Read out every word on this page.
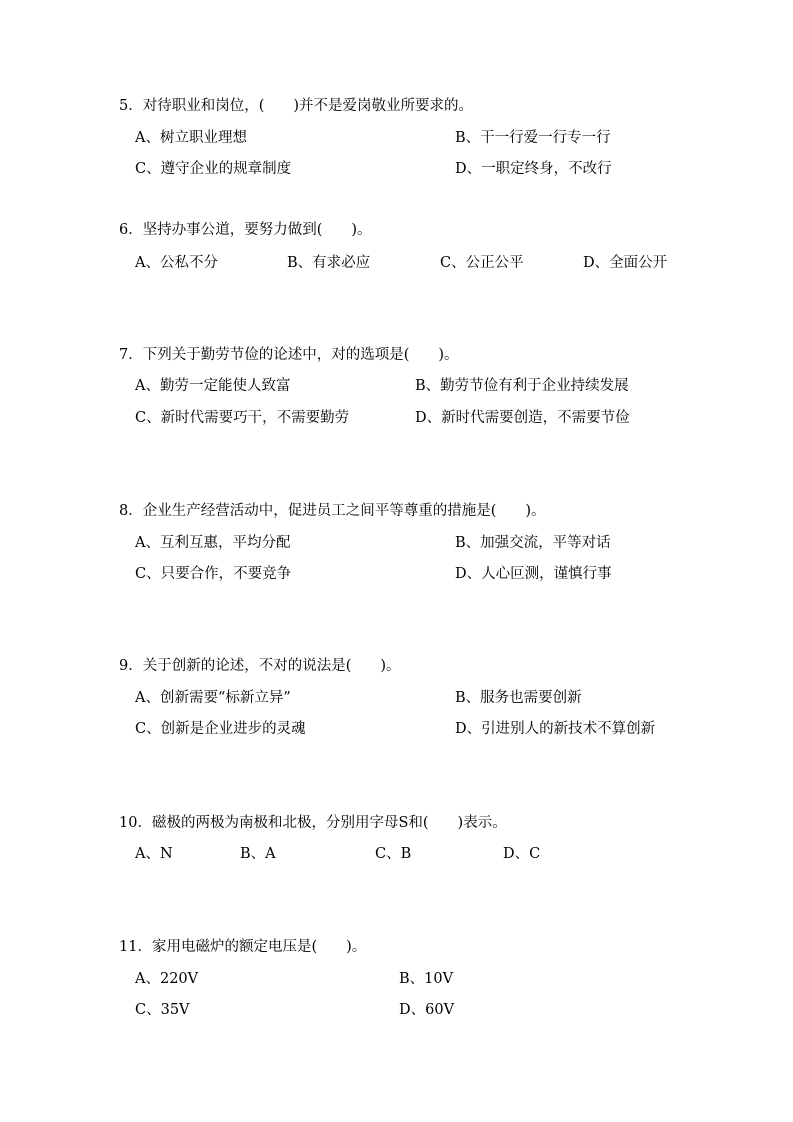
5．对待职业和岗位，(　　)并不是爱岗敬业所要求的。
A、树立职业理想	B、干一行爱一行专一行
C、遵守企业的规章制度	D、一职定终身，不改行
6．坚持办事公道，要努力做到(　　)。
A、公私不分	B、有求必应	C、公正公平	D、全面公开
7．下列关于勤劳节俭的论述中，对的选项是(　　)。
A、勤劳一定能使人致富	B、勤劳节俭有利于企业持续发展
C、新时代需要巧干，不需要勤劳	D、新时代需要创造，不需要节俭
8．企业生产经营活动中，促进员工之间平等尊重的措施是(　　)。
A、互利互惠，平均分配	B、加强交流，平等对话
C、只要合作，不要竞争	D、人心叵测，谨慎行事
9．关于创新的论述，不对的说法是(　　)。
A、创新需要“标新立异”	B、服务也需要创新
C、创新是企业进步的灵魂	D、引进别人的新技术不算创新
10．磁极的两极为南极和北极，分别用字母S和(　　)表示。
A、N	B、A	C、B	D、C
11．家用电磁炉的额定电压是(　　)。
A、220V	B、10V
C、35V	D、60V
